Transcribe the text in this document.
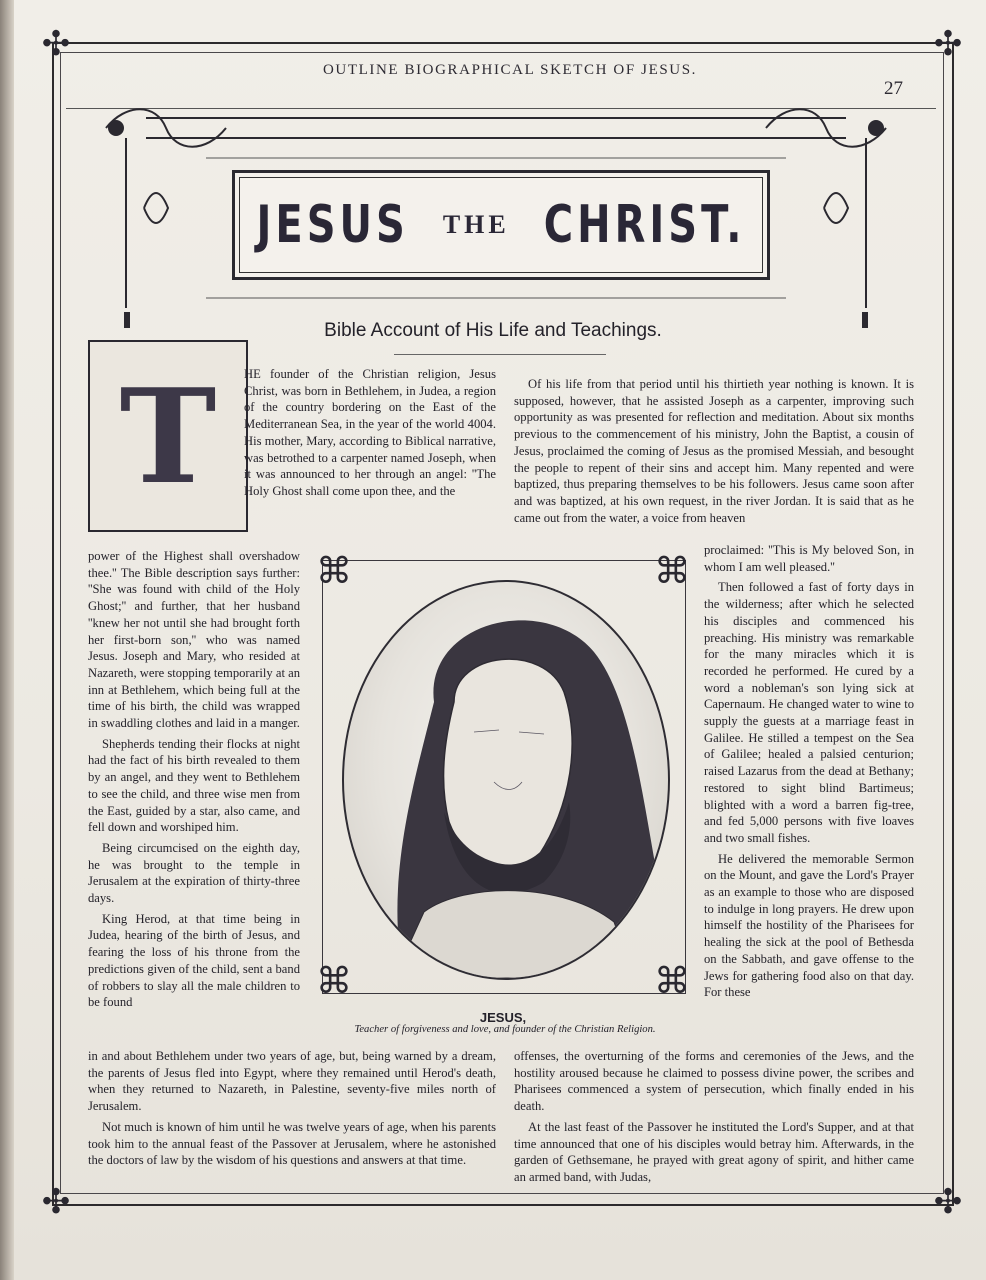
✣	✣
✣	✣
OUTLINE BIOGRAPHICAL SKETCH OF JESUS.
27
JESUS THE CHRIST.
Bible Account of His Life and Teachings.
T HE founder of the Christian religion, Jesus Christ, was born in Bethlehem, in Judea, a region of the country bordering on the East of the Mediterranean Sea, in the year of the world 4004. His mother, Mary, according to Biblical narrative, was betrothed to a carpenter named Joseph, when it was announced to her through an angel: ''The Holy Ghost shall come upon thee, and the

power of the Highest shall overshadow thee.'' The Bible description says further: ''She was found with child of the Holy Ghost;'' and further, that her husband ''knew her not until she had brought forth her first-born son,'' who was named Jesus. Joseph and Mary, who resided at Nazareth, were stopping temporarily at an inn at Bethlehem, which being full at the time of his birth, the child was wrapped in swaddling clothes and laid in a manger.

Shepherds tending their flocks at night had the fact of his birth revealed to them by an angel, and they went to Bethlehem to see the child, and three wise men from the East, guided by a star, also came, and fell down and worshiped him.

Being circumcised on the eighth day, he was brought to the temple in Jerusalem at the expiration of thirty-three days.

King Herod, at that time being in Judea, hearing of the birth of Jesus, and fearing the loss of his throne from the predictions given of the child, sent a band of robbers to slay all the male children to be found

in and about Bethlehem under two years of age, but, being warned by a dream, the parents of Jesus fled into Egypt, where they remained until Herod's death, when they returned to Nazareth, in Palestine, seventy-five miles north of Jerusalem.

Not much is known of him until he was twelve years of age, when his parents took him to the annual feast of the Passover at Jerusalem, where he astonished the doctors of law by the wisdom of his questions and answers at that time.

Of his life from that period until his thirtieth year nothing is known. It is supposed, however, that he assisted Joseph as a carpenter, improving such opportunity as was presented for reflection and meditation. About six months previous to the commencement of his ministry, John the Baptist, a cousin of Jesus, proclaimed the coming of Jesus as the promised Messiah, and besought the people to repent of their sins and accept him. Many repented and were baptized, thus preparing themselves to be his followers. Jesus came soon after and was baptized, at his own request, in the river Jordan. It is said that as he came out from the water, a voice from heaven

proclaimed: ''This is My beloved Son, in whom I am well pleased.''

Then followed a fast of forty days in the wilderness; after which he selected his disciples and commenced his preaching. His ministry was remarkable for the many miracles which it is recorded he performed. He cured by a word a nobleman's son lying sick at Capernaum. He changed water to wine to supply the guests at a marriage feast in Galilee. He stilled a tempest on the Sea of Galilee; healed a palsied centurion; raised Lazarus from the dead at Bethany; restored to sight blind Bartimeus; blighted with a word a barren fig-tree, and fed 5,000 persons with five loaves and two small fishes.

He delivered the memorable Sermon on the Mount, and gave the Lord's Prayer as an example to those who are disposed to indulge in long prayers. He drew upon himself the hostility of the Pharisees for healing the sick at the pool of Bethesda on the Sabbath, and gave offense to the Jews for gathering food also on that day. For these

offenses, the overturning of the forms and ceremonies of the Jews, and the hostility aroused because he claimed to possess divine power, the scribes and Pharisees commenced a system of persecution, which finally ended in his death.

At the last feast of the Passover he instituted the Lord's Supper, and at that time announced that one of his disciples would betray him. Afterwards, in the garden of Gethsemane, he prayed with great agony of spirit, and hither came an armed band, with Judas,

⌘	⌘
⌘	⌘
JESUS,
Teacher of forgiveness and love, and founder of the Christian Religion.
